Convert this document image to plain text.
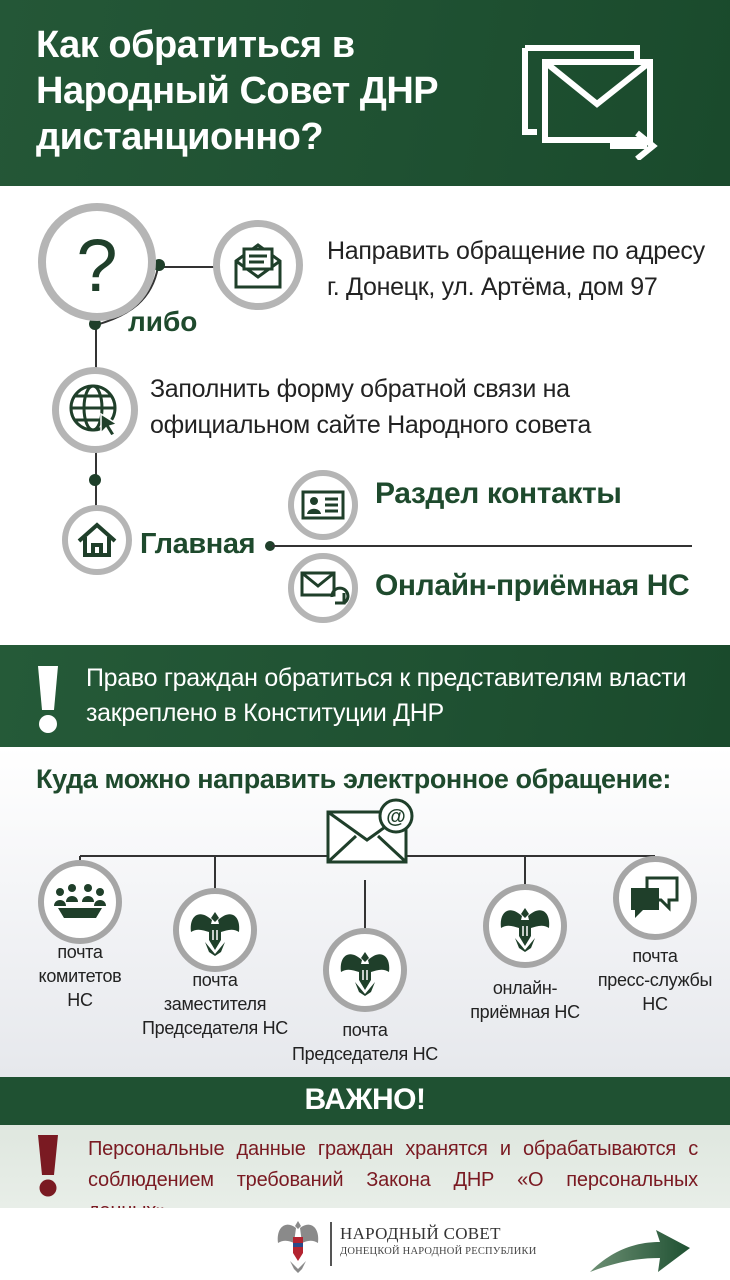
Как обратиться в
Народный Совет ДНР
дистанционно?
?
либо
Направить обращение по адресу
г. Донецк, ул. Артёма, дом 97
Заполнить форму обратной связи на
официальном сайте Народного совета
Главная
Раздел контакты
Онлайн-приёмная НС
Право граждан обратиться к представителям власти
закреплено в Конституции ДНР
Куда можно направить электронное обращение:
@
почта
комитетов
НС
почта
заместителя
Председателя НС	почта
Председателя НС
онлайн-
приёмная НС
почта
пресс-службы
НС
ВАЖНО!
Персональные данные граждан хранятся и обрабатываются с соблюдением требований Закона ДНР «О персональных
НАРОДНЫЙ СОВЕТ
ДОНЕЦКОЙ НАРОДНОЙ РЕСПУБЛИКИ
